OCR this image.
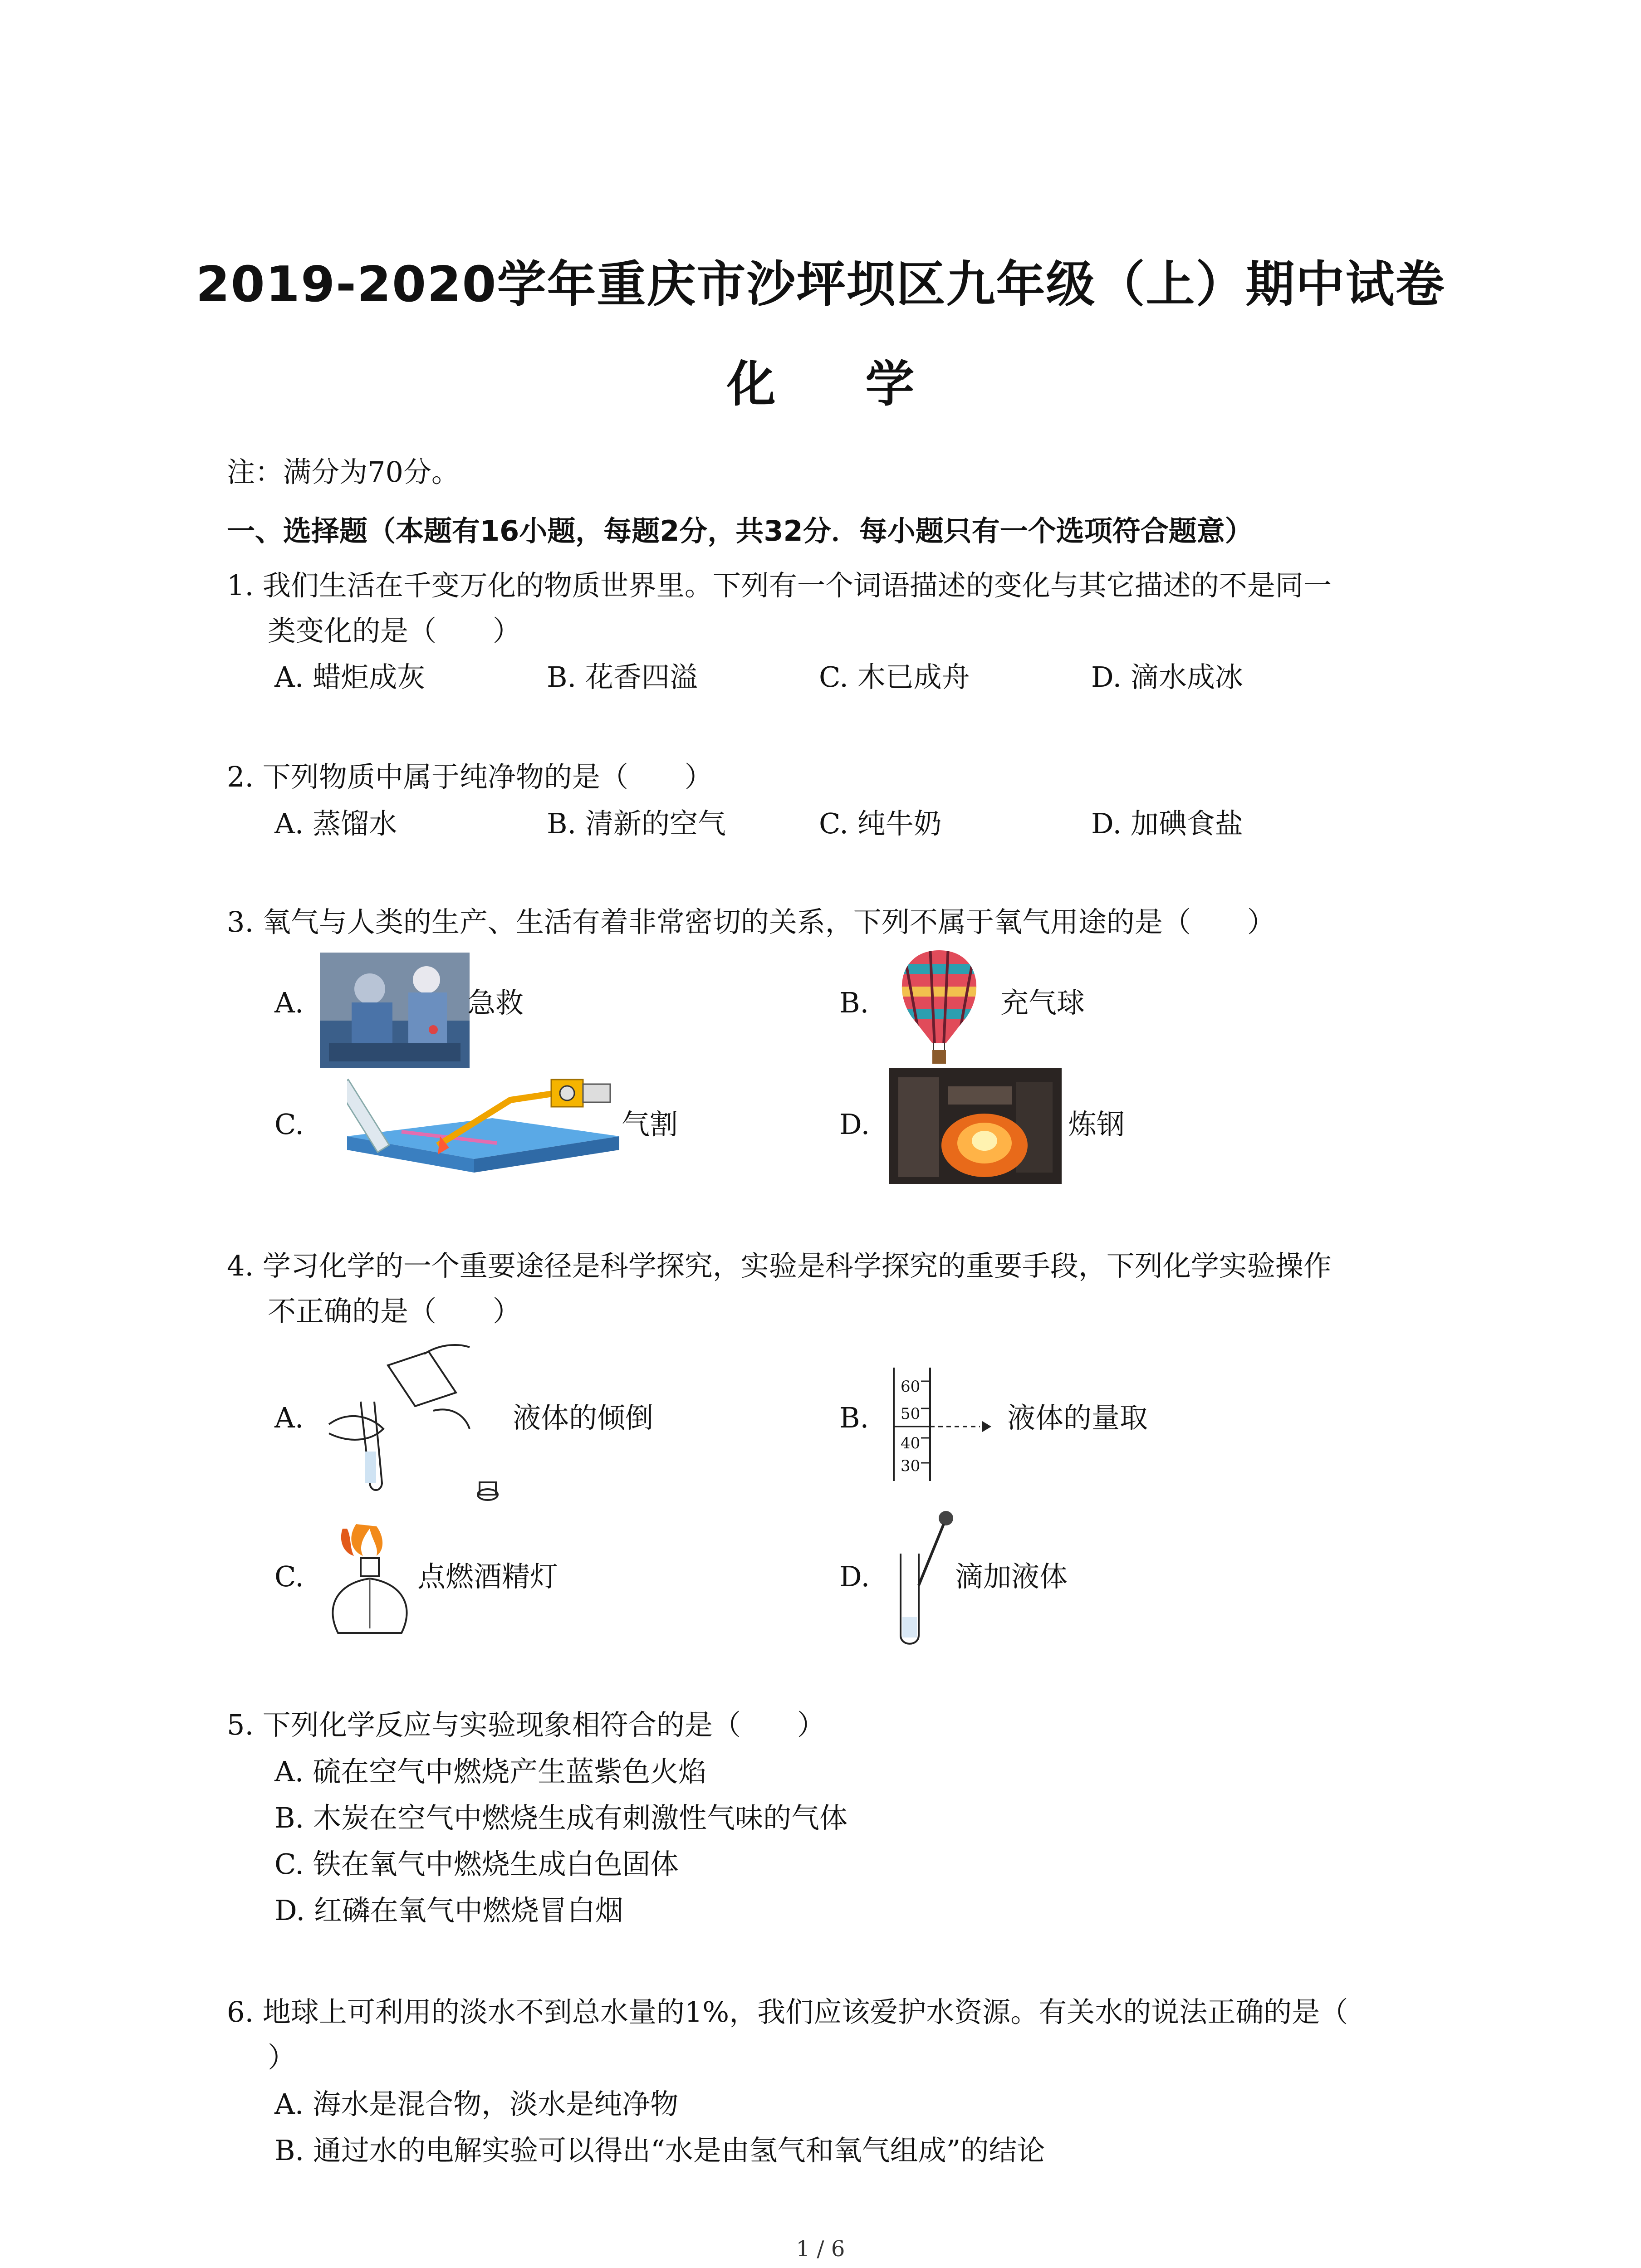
2019-2020学年重庆市沙坪坝区九年级（上）期中试卷
化 学
注：满分为70分。
一、选择题（本题有16小题，每题2分，共32分．每小题只有一个选项符合题意）
1. 我们生活在千变万化的物质世界里。下列有一个词语描述的变化与其它描述的不是同一
类变化的是（　　）
A. 蜡炬成灰	B. 花香四溢	C. 木已成舟	D. 滴水成冰
2. 下列物质中属于纯净物的是（　　）
A. 蒸馏水	B. 清新的空气	C. 纯牛奶	D. 加碘食盐
3. 氧气与人类的生产、生活有着非常密切的关系，下列不属于氧气用途的是（　　）
A.	急救	B.	充气球
C.	气割	D.	炼钢
4. 学习化学的一个重要途径是科学探究，实验是科学探究的重要手段，下列化学实验操作
不正确的是（　　）
A.	液体的倾倒	B.
60
50
40
30
液体的量取
C.	点燃酒精灯	D.	滴加液体
5. 下列化学反应与实验现象相符合的是（　　）
A. 硫在空气中燃烧产生蓝紫色火焰
B. 木炭在空气中燃烧生成有刺激性气味的气体
C. 铁在氧气中燃烧生成白色固体
D. 红磷在氧气中燃烧冒白烟
6. 地球上可利用的淡水不到总水量的1%，我们应该爱护水资源。有关水的说法正确的是（
）
A. 海水是混合物，淡水是纯净物
B. 通过水的电解实验可以得出“水是由氢气和氧气组成”的结论
1 / 6
